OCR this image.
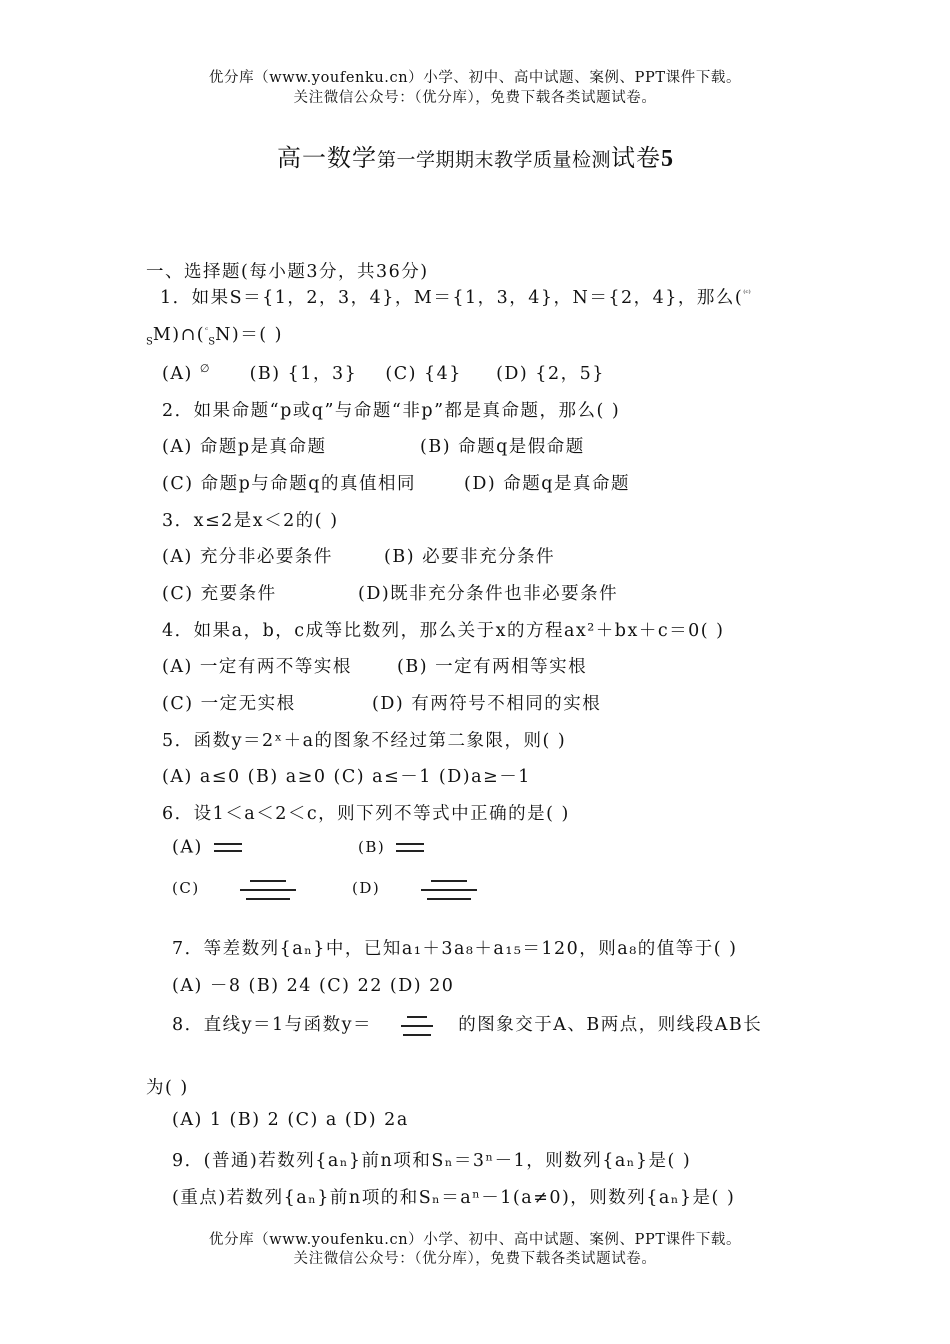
优分库（www.youfenku.cn）小学、初中、高中试题、案例、PPT课件下载。
关注微信公众号：（优分库），免费下载各类试题试卷。
高一数学第一学期期末教学质量检测试卷5
一、选择题(每小题3分，共36分)
1．如果S＝{1，2，3，4}，M＝{1，3，4}，N＝{2，4}，那么($^{^(ᶜ^)}$
$_S$M)∩($^ᶜ_S$N)＝( )
(A) ∅ (B) {1，3} (C) {4} (D) {2，5}
2．如果命题“p或q”与命题“非p”都是真命题，那么( )
(A) 命题p是真命题	(B) 命题q是假命题
(C) 命题p与命题q的真值相同	(D) 命题q是真命题
3．x≤2是x＜2的( )
(A) 充分非必要条件	(B) 必要非充分条件
(C) 充要条件	(D)既非充分条件也非必要条件
4．如果a，b，c成等比数列，那么关于x的方程ax²＋bx＋c＝0( )
(A) 一定有两不等实根	(B) 一定有两相等实根
(C) 一定无实根	(D) 有两符号不相同的实根
5．函数y＝2ˣ＋a的图象不经过第二象限，则( )
(A) a≤0 (B) a≥0 (C) a≤－1 (D)a≥－1
6．设1＜a＜2＜c，则下列不等式中正确的是( )
(A)	(B)
(C)	(D)
7．等差数列{aₙ}中，已知a₁＋3a₈＋a₁₅＝120，则a₈的值等于( )
(A) －8 (B) 24 (C) 22 (D) 20
8．直线y＝1与函数y＝	的图象交于A、B两点，则线段AB长
为( )
(A) 1 (B) 2 (C) a (D) 2a
9．(普通)若数列{aₙ}前n项和Sₙ＝3ⁿ－1，则数列{aₙ}是( )
(重点)若数列{aₙ}前n项的和Sₙ＝aⁿ－1(a≠0)，则数列{aₙ}是( )
优分库（www.youfenku.cn）小学、初中、高中试题、案例、PPT课件下载。
关注微信公众号：（优分库），免费下载各类试题试卷。
